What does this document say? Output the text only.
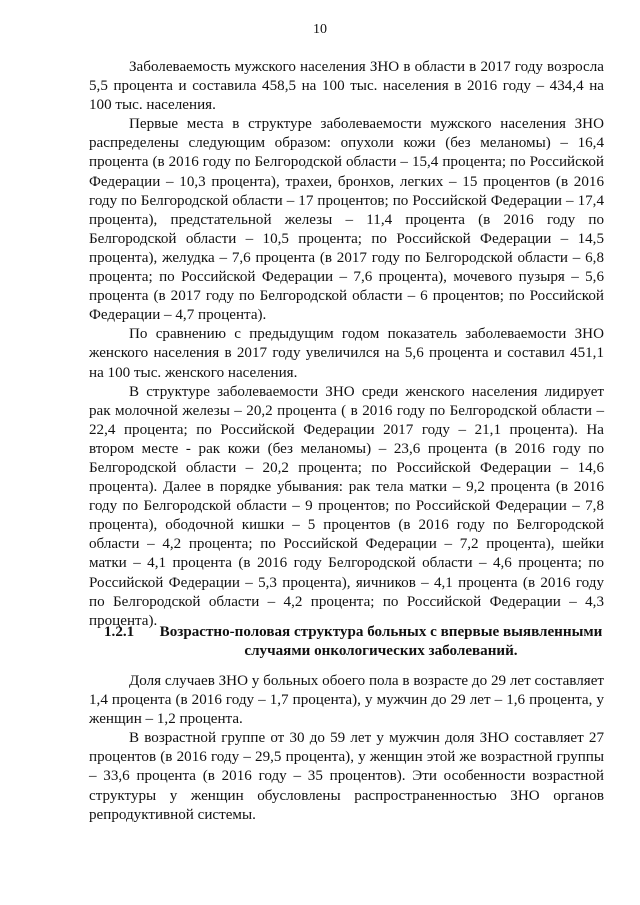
10

Заболеваемость мужского населения ЗНО в области в 2017 году возросла 5,5 процента и составила 458,5 на 100 тыс. населения в 2016 году – 434,4 на 100 тыс. населения.

Первые места в структуре заболеваемости мужского населения ЗНО распределены следующим образом: опухоли кожи (без меланомы) – 16,4 процента (в 2016 году по Белгородской области – 15,4 процента; по Российской Федерации – 10,3 процента), трахеи, бронхов, легких – 15 процентов (в 2016 году по Белгородской области – 17 процентов; по Российской Федерации – 17,4 процента), предстательной железы – 11,4 процента (в 2016 году по Белгородской области – 10,5 процента; по Российской Федерации – 14,5 процента), желудка – 7,6 процента (в 2017 году по Белгородской области – 6,8 процента; по Российской Федерации – 7,6 процента), мочевого пузыря – 5,6 процента (в 2017 году по Белгородской области – 6 процентов; по Российской Федерации – 4,7 процента).

По сравнению с предыдущим годом показатель заболеваемости ЗНО женского населения в 2017 году увеличился на 5,6 процента и составил 451,1 на 100 тыс. женского населения.

В структуре заболеваемости ЗНО среди женского населения лидирует рак молочной железы – 20,2 процента ( в 2016 году по Белгородской области – 22,4 процента; по Российской Федерации 2017 году – 21,1 процента). На втором месте - рак кожи (без меланомы) – 23,6 процента (в 2016 году по Белгородской области – 20,2 процента; по Российской Федерации – 14,6 процента). Далее в порядке убывания: рак тела матки – 9,2 процента (в 2016 году по Белгородской области – 9 процентов; по Российской Федерации – 7,8 процента), ободочной кишки – 5 процентов (в 2016 году по Белгородской области – 4,2 процента; по Российской Федерации – 7,2 процента), шейки матки – 4,1 процента (в 2016 году Белгородской области – 4,6 процента; по Российской Федерации – 5,3 процента), яичников – 4,1 процента (в 2016 году по Белгородской области – 4,2 процента; по Российской Федерации – 4,3 процента).

1.2.1	Возрастно-половая структура больных с впервые выявленными случаями онкологических заболеваний.

Доля случаев ЗНО у больных обоего пола в возрасте до 29 лет составляет 1,4 процента (в 2016 году – 1,7 процента), у мужчин до 29 лет – 1,6 процента, у женщин – 1,2 процента.

В возрастной группе от 30 до 59 лет у мужчин доля ЗНО составляет 27 процентов (в 2016 году – 29,5 процента), у женщин этой же возрастной группы – 33,6 процента (в 2016 году – 35 процентов). Эти особенности возрастной структуры у женщин обусловлены распространенностью ЗНО органов репродуктивной системы.
